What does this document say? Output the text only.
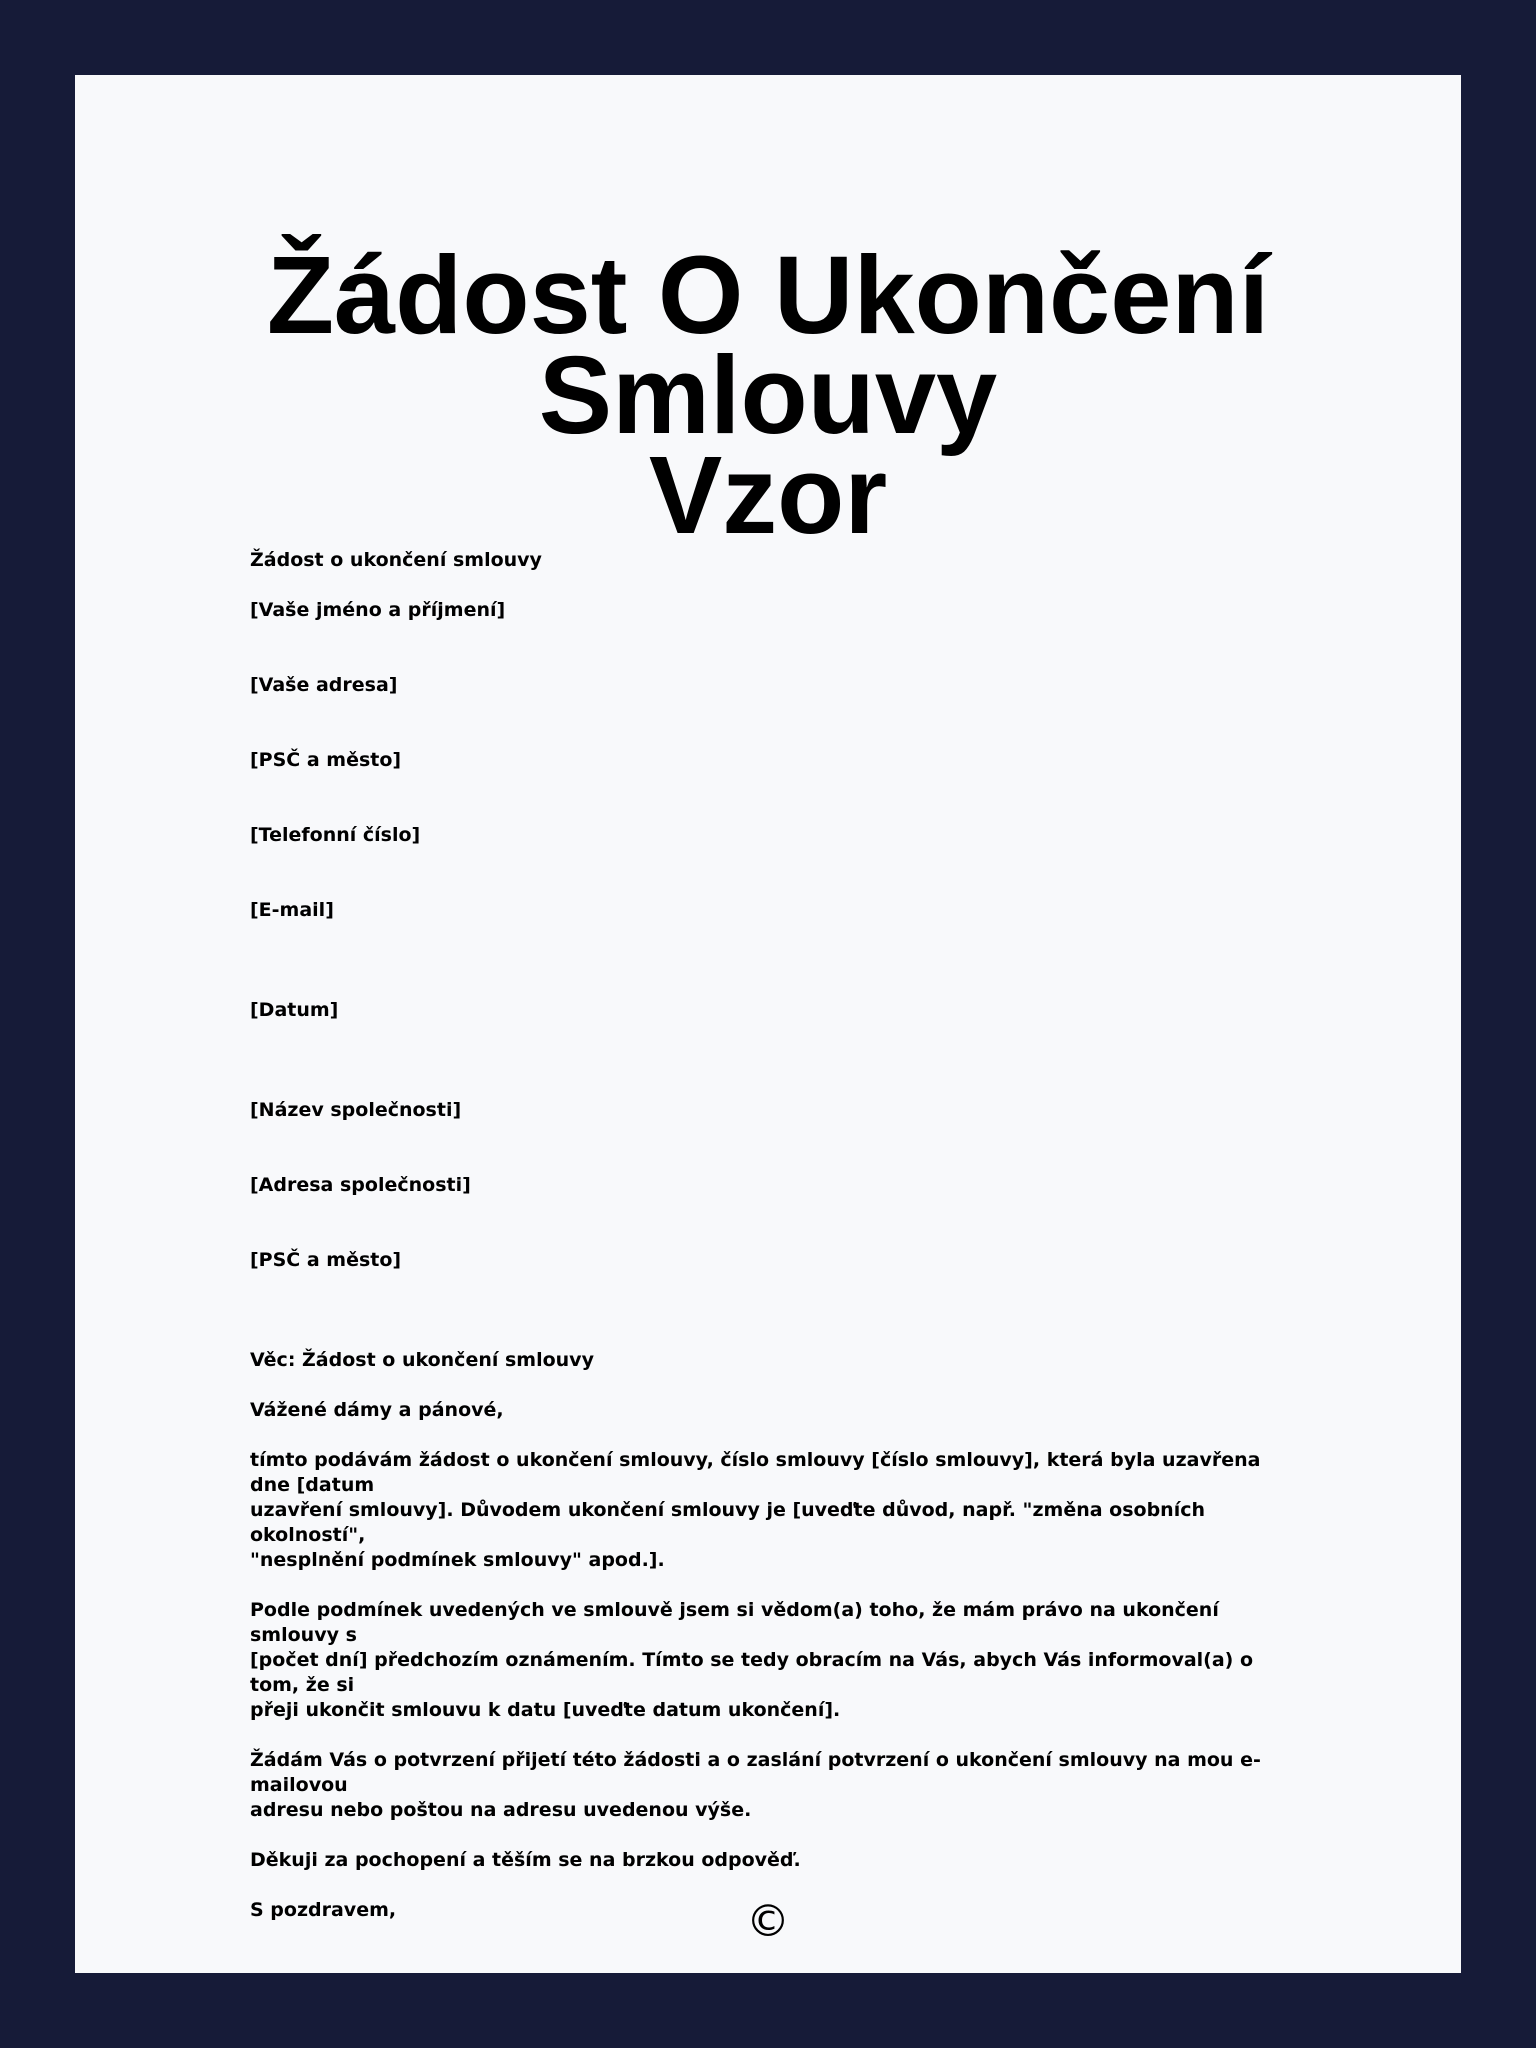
Žádost O Ukončení Smlouvy
Vzor

Žádost o ukončení smlouvy

[Vaše jméno a příjmení]

[Vaše adresa]

[PSČ a město]

[Telefonní číslo]

[E-mail]

[Datum]

[Název společnosti]

[Adresa společnosti]

[PSČ a město]

Věc: Žádost o ukončení smlouvy

Vážené dámy a pánové,

tímto podávám žádost o ukončení smlouvy, číslo smlouvy [číslo smlouvy], která byla uzavřena dne [datum
uzavření smlouvy]. Důvodem ukončení smlouvy je [uveďte důvod, např. "změna osobních okolností",
"nesplnění podmínek smlouvy" apod.].
Podle podmínek uvedených ve smlouvě jsem si vědom(a) toho, že mám právo na ukončení smlouvy s
[počet dní] předchozím oznámením. Tímto se tedy obracím na Vás, abych Vás informoval(a) o tom, že si
přeji ukončit smlouvu k datu [uveďte datum ukončení].
Žádám Vás o potvrzení přijetí této žádosti a o zaslání potvrzení o ukončení smlouvy na mou e-mailovou
adresu nebo poštou na adresu uvedenou výše.

Děkuji za pochopení a těším se na brzkou odpověď.

S pozdravem,	©
